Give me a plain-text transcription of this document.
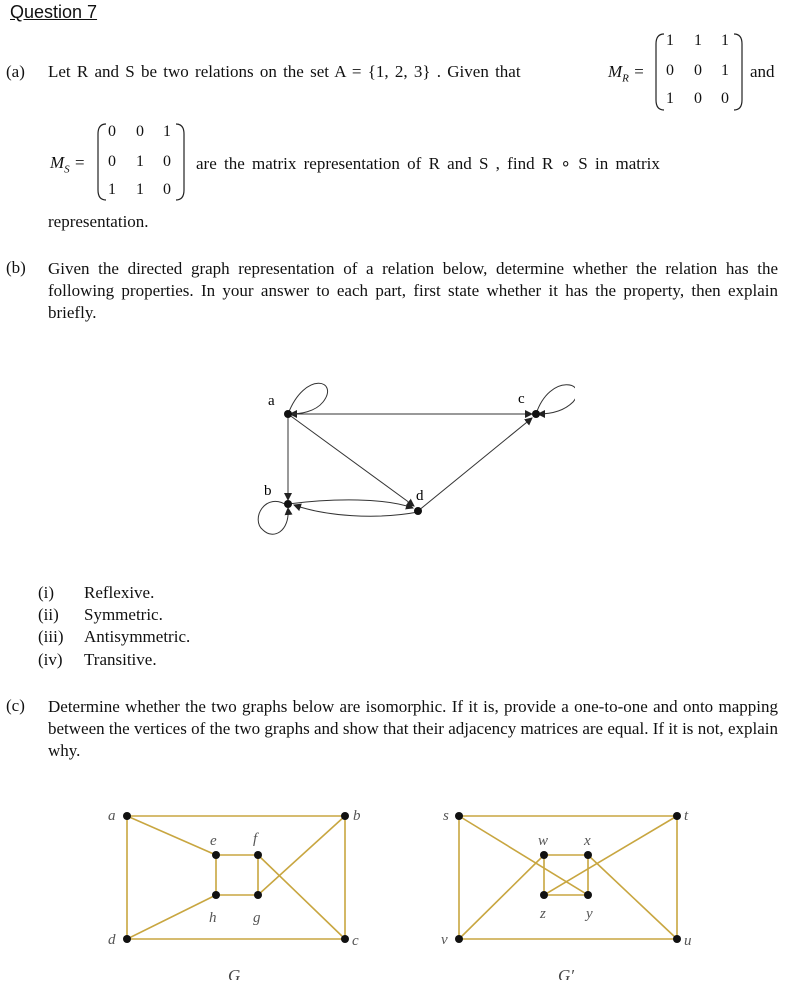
Question 7
(a) Let R and S be two relations on the set A = {1, 2, 3} . Given that	$M_R$ =
1 1 1
0 0 1
1 0 0
and
$M_S$ =
0 0 1
0 1 0
1 1 0
are the matrix representation of R and S , find R ∘ S in matrix
representation.
(b) Given the directed graph representation of a relation below, determine whether the relation has the following properties. In your answer to each part, first state whether it has the property, then explain briefly.
a
b
c
d
(i) Reflexive.
(ii) Symmetric.
(iii) Antisymmetric.
(iv) Transitive.
(c) Determine whether the two graphs below are isomorphic. If it is, provide a one-to-one and onto mapping between the vertices of the two graphs and show that their adjacency matrices are equal. If it is not, explain why.
a	b
c
d
e f
g
h
G
s	t
u
v
w x
y
z
G′
